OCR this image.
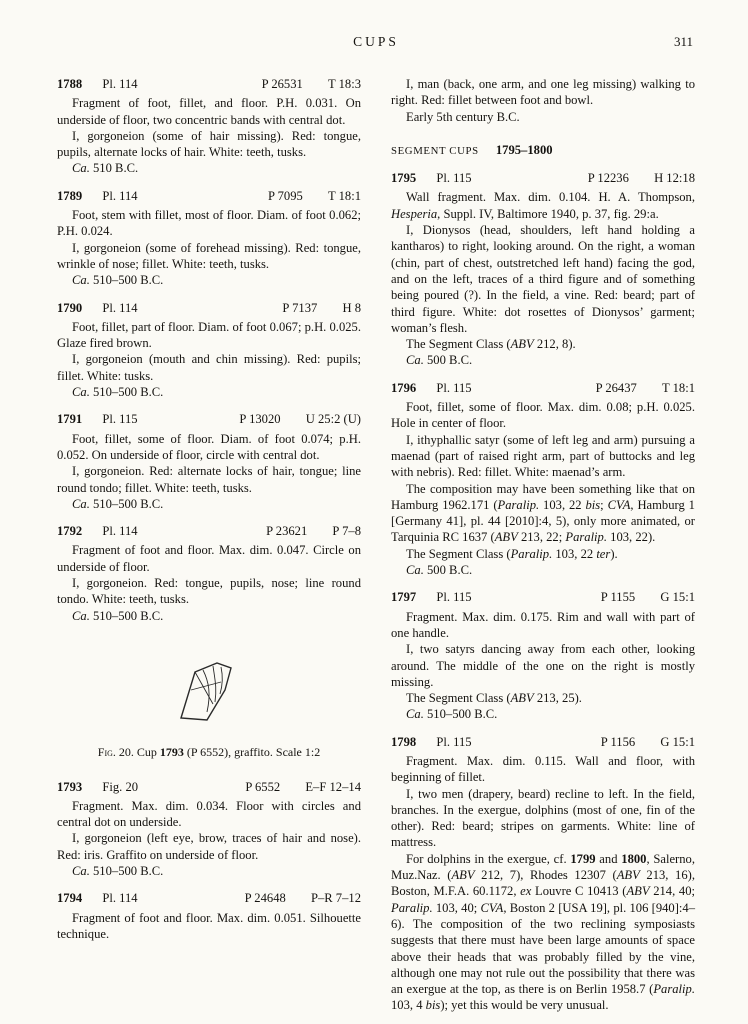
CUPS	311
1788 Pl. 114	P 26531 T 18:3

Fragment of foot, fillet, and floor. P.H. 0.031. On underside of floor, two concentric bands with central dot.

I, gorgoneion (some of hair missing). Red: tongue, pupils, alternate locks of hair. White: teeth, tusks.

Ca. 510 B.C.

1789 Pl. 114	P 7095 T 18:1

Foot, stem with fillet, most of floor. Diam. of foot 0.062; P.H. 0.024.

I, gorgoneion (some of forehead missing). Red: tongue, wrinkle of nose; fillet. White: teeth, tusks.

Ca. 510–500 B.C.

1790 Pl. 114	P 7137 H 8

Foot, fillet, part of floor. Diam. of foot 0.067; p.H. 0.025. Glaze fired brown.

I, gorgoneion (mouth and chin missing). Red: pupils; fillet. White: tusks.

Ca. 510–500 B.C.

1791 Pl. 115	P 13020 U 25:2 (U)

Foot, fillet, some of floor. Diam. of foot 0.074; p.H. 0.052. On underside of floor, circle with central dot.

I, gorgoneion. Red: alternate locks of hair, tongue; line round tondo; fillet. White: teeth, tusks.

Ca. 510–500 B.C.

1792 Pl. 114	P 23621 P 7–8

Fragment of foot and floor. Max. dim. 0.047. Circle on underside of floor.

I, gorgoneion. Red: tongue, pupils, nose; line round tondo. White: teeth, tusks.

Ca. 510–500 B.C.

Fig. 20. Cup 1793 (P 6552), graffito. Scale 1:2
1793 Fig. 20	P 6552 E–F 12–14

Fragment. Max. dim. 0.034. Floor with circles and central dot on underside.

I, gorgoneion (left eye, brow, traces of hair and nose). Red: iris. Graffito on underside of floor.

Ca. 510–500 B.C.

1794 Pl. 114	P 24648 P–R 7–12

Fragment of foot and floor. Max. dim. 0.051. Silhouette technique.

I, man (back, one arm, and one leg missing) walking to right. Red: fillet between foot and bowl.

Early 5th century B.C.

SEGMENT CUPS 1795–1800
1795 Pl. 115	P 12236 H 12:18

Wall fragment. Max. dim. 0.104. H. A. Thompson, Hesperia, Suppl. IV, Baltimore 1940, p. 37, fig. 29:a.

I, Dionysos (head, shoulders, left hand holding a kantharos) to right, looking around. On the right, a woman (chin, part of chest, outstretched left hand) facing the god, and on the left, traces of a third figure and of something being poured (?). In the field, a vine. Red: beard; part of third figure. White: dot rosettes of Dionysos’ garment; woman’s flesh.

The Segment Class (ABV 212, 8).

Ca. 500 B.C.

1796 Pl. 115	P 26437 T 18:1

Foot, fillet, some of floor. Max. dim. 0.08; p.H. 0.025. Hole in center of floor.

I, ithyphallic satyr (some of left leg and arm) pursuing a maenad (part of raised right arm, part of buttocks and leg with nebris). Red: fillet. White: maenad’s arm.

The composition may have been something like that on Hamburg 1962.171 (Paralip. 103, 22 bis; CVA, Hamburg 1 [Germany 41], pl. 44 [2010]:4, 5), only more animated, or Tarquinia RC 1637 (ABV 213, 22; Paralip. 103, 22).

The Segment Class (Paralip. 103, 22 ter).

Ca. 500 B.C.

1797 Pl. 115	P 1155 G 15:1

Fragment. Max. dim. 0.175. Rim and wall with part of one handle.

I, two satyrs dancing away from each other, looking around. The middle of the one on the right is mostly missing.

The Segment Class (ABV 213, 25).

Ca. 510–500 B.C.

1798 Pl. 115	P 1156 G 15:1

Fragment. Max. dim. 0.115. Wall and floor, with beginning of fillet.

I, two men (drapery, beard) recline to left. In the field, branches. In the exergue, dolphins (most of one, fin of the other). Red: beard; stripes on garments. White: line of mattress.

For dolphins in the exergue, cf. 1799 and 1800, Salerno, Muz.Naz. (ABV 212, 7), Rhodes 12307 (ABV 213, 16), Boston, M.F.A. 60.1172, ex Louvre C 10413 (ABV 214, 40; Paralip. 103, 40; CVA, Boston 2 [USA 19], pl. 106 [940]:4–6). The composition of the two reclining symposiasts suggests that there must have been large amounts of space above their heads that was probably filled by the vine, although one may not rule out the possibility that there was an exergue at the top, as there is on Berlin 1958.7 (Paralip. 103, 4 bis); yet this would be very unusual.
